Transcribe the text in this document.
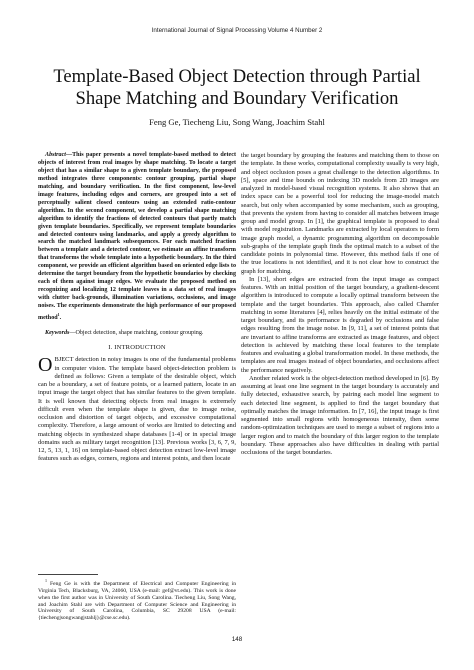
International Journal of Signal Processing Volume 4 Number 2
Template-Based Object Detection through Partial
Shape Matching and Boundary Verification
Feng Ge, Tiecheng Liu, Song Wang, Joachim Stahl

Abstract—This paper presents a novel template-based method to detect objects of interest from real images by shape matching. To locate a target object that has a similar shape to a given template boundary, the proposed method integrates three components: contour grouping, partial shape matching, and boundary verification. In the first component, low-level image features, including edges and corners, are grouped into a set of perceptually salient closed contours using an extended ratio-contour algorithm. In the second component, we develop a partial shape matching algorithm to identify the fractions of detected contours that partly match given template boundaries. Specifically, we represent template boundaries and detected contours using landmarks, and apply a greedy algorithm to search the matched landmark subsequences. For each matched fraction between a template and a detected contour, we estimate an affine transform that transforms the whole template into a hypothetic boundary. In the third component, we provide an efficient algorithm based on oriented edge lists to determine the target boundary from the hypothetic boundaries by checking each of them against image edges. We evaluate the proposed method on recognizing and localizing 12 template leaves in a data set of real images with clutter back-grounds, illumination variations, occlusions, and image noises. The experiments demonstrate the high performance of our proposed method$^1$.

Keywords—Object detection, shape matching, contour grouping.

I. INTRODUCTION

OBJECT detection in noisy images is one of the fundamental problems in computer vision. The template based object-detection problem is defined as follows: Given a template of the desirable object, which can be a boundary, a set of feature points, or a learned pattern, locate in an input image the target object that has similar features to the given template. It is well known that detecting objects from real images is extremely difficult even when the template shape is given, due to image noise, occlusion and distortion of target objects, and excessive computational complexity. Therefore, a large amount of works are limited to detecting and matching objects in synthesized shape databases [1-4] or in special image domains such as military target recognition [13]. Previous works [3, 6, 7, 9, 12, 5, 13, 1, 16] on template-based object detection extract low-level image features such as edges, corners, regions and interest points, and then locate

$^1$ Feng Ge is with the Department of Electrical and Computer Engineering in Virginia Tech, Blacksburg, VA, 24060, USA (e-mail: gef@vt.edu). This work is done when the first author was in University of South Carolina. Tiecheng Liu, Song Wang, and Joachim Stahl are with Department of Computer Science and Engineering in University of South Carolina, Columbia, SC 29208 USA (e-mail: {tiecheng|songwang|stahlj}@cse.sc.edu).

the target boundary by grouping the features and matching them to those on the template. In these works, computational complexity usually is very high, and object occlusion poses a great challenge to the detection algorithms. In [5], space and time bounds on indexing 3D models from 2D images are analyzed in model-based visual recognition systems. It also shows that an index space can be a powerful tool for reducing the image-model match search, but only when accompanied by some mechanism, such as grouping, that prevents the system from having to consider all matches between image group and model group. In [1], the graphical template is proposed to deal with model registration. Landmarks are extracted by local operators to form image graph model, a dynamic programming algorithm on decomposable sub-graphs of the template graph finds the optimal match to a subset of the candidate points in polynomial time. However, this method fails if one of the true locations is not identified, and it is not clear how to construct the graph for matching.

In [13], short edges are extracted from the input image as compact features. With an initial position of the target boundary, a gradient-descent algorithm is introduced to compute a locally optimal transform between the template and the target boundaries. This approach, also called Chamfer matching in some literatures [4], relies heavily on the initial estimate of the target boundary, and its performance is degraded by occlusions and false edges resulting from the image noise. In [9, 11], a set of interest points that are invariant to affine transforms are extracted as image features, and object detection is achieved by matching these local features to the template features and evaluating a global transformation model. In these methods, the templates are real images instead of object boundaries, and occlusions affect the performance negatively.

Another related work is the object-detection method developed in [6]. By assuming at least one line segment in the target boundary is accurately and fully detected, exhaustive search, by pairing each model line segment to each detected line segment, is applied to find the target boundary that optimally matches the image information. In [7, 16], the input image is first segmented into small regions with homogeneous intensity, then some random-optimization techniques are used to merge a subset of regions into a larger region and to match the boundary of this larger region to the template boundary. These approaches also have difficulties in dealing with partial occlusions of the target boundaries.

148
